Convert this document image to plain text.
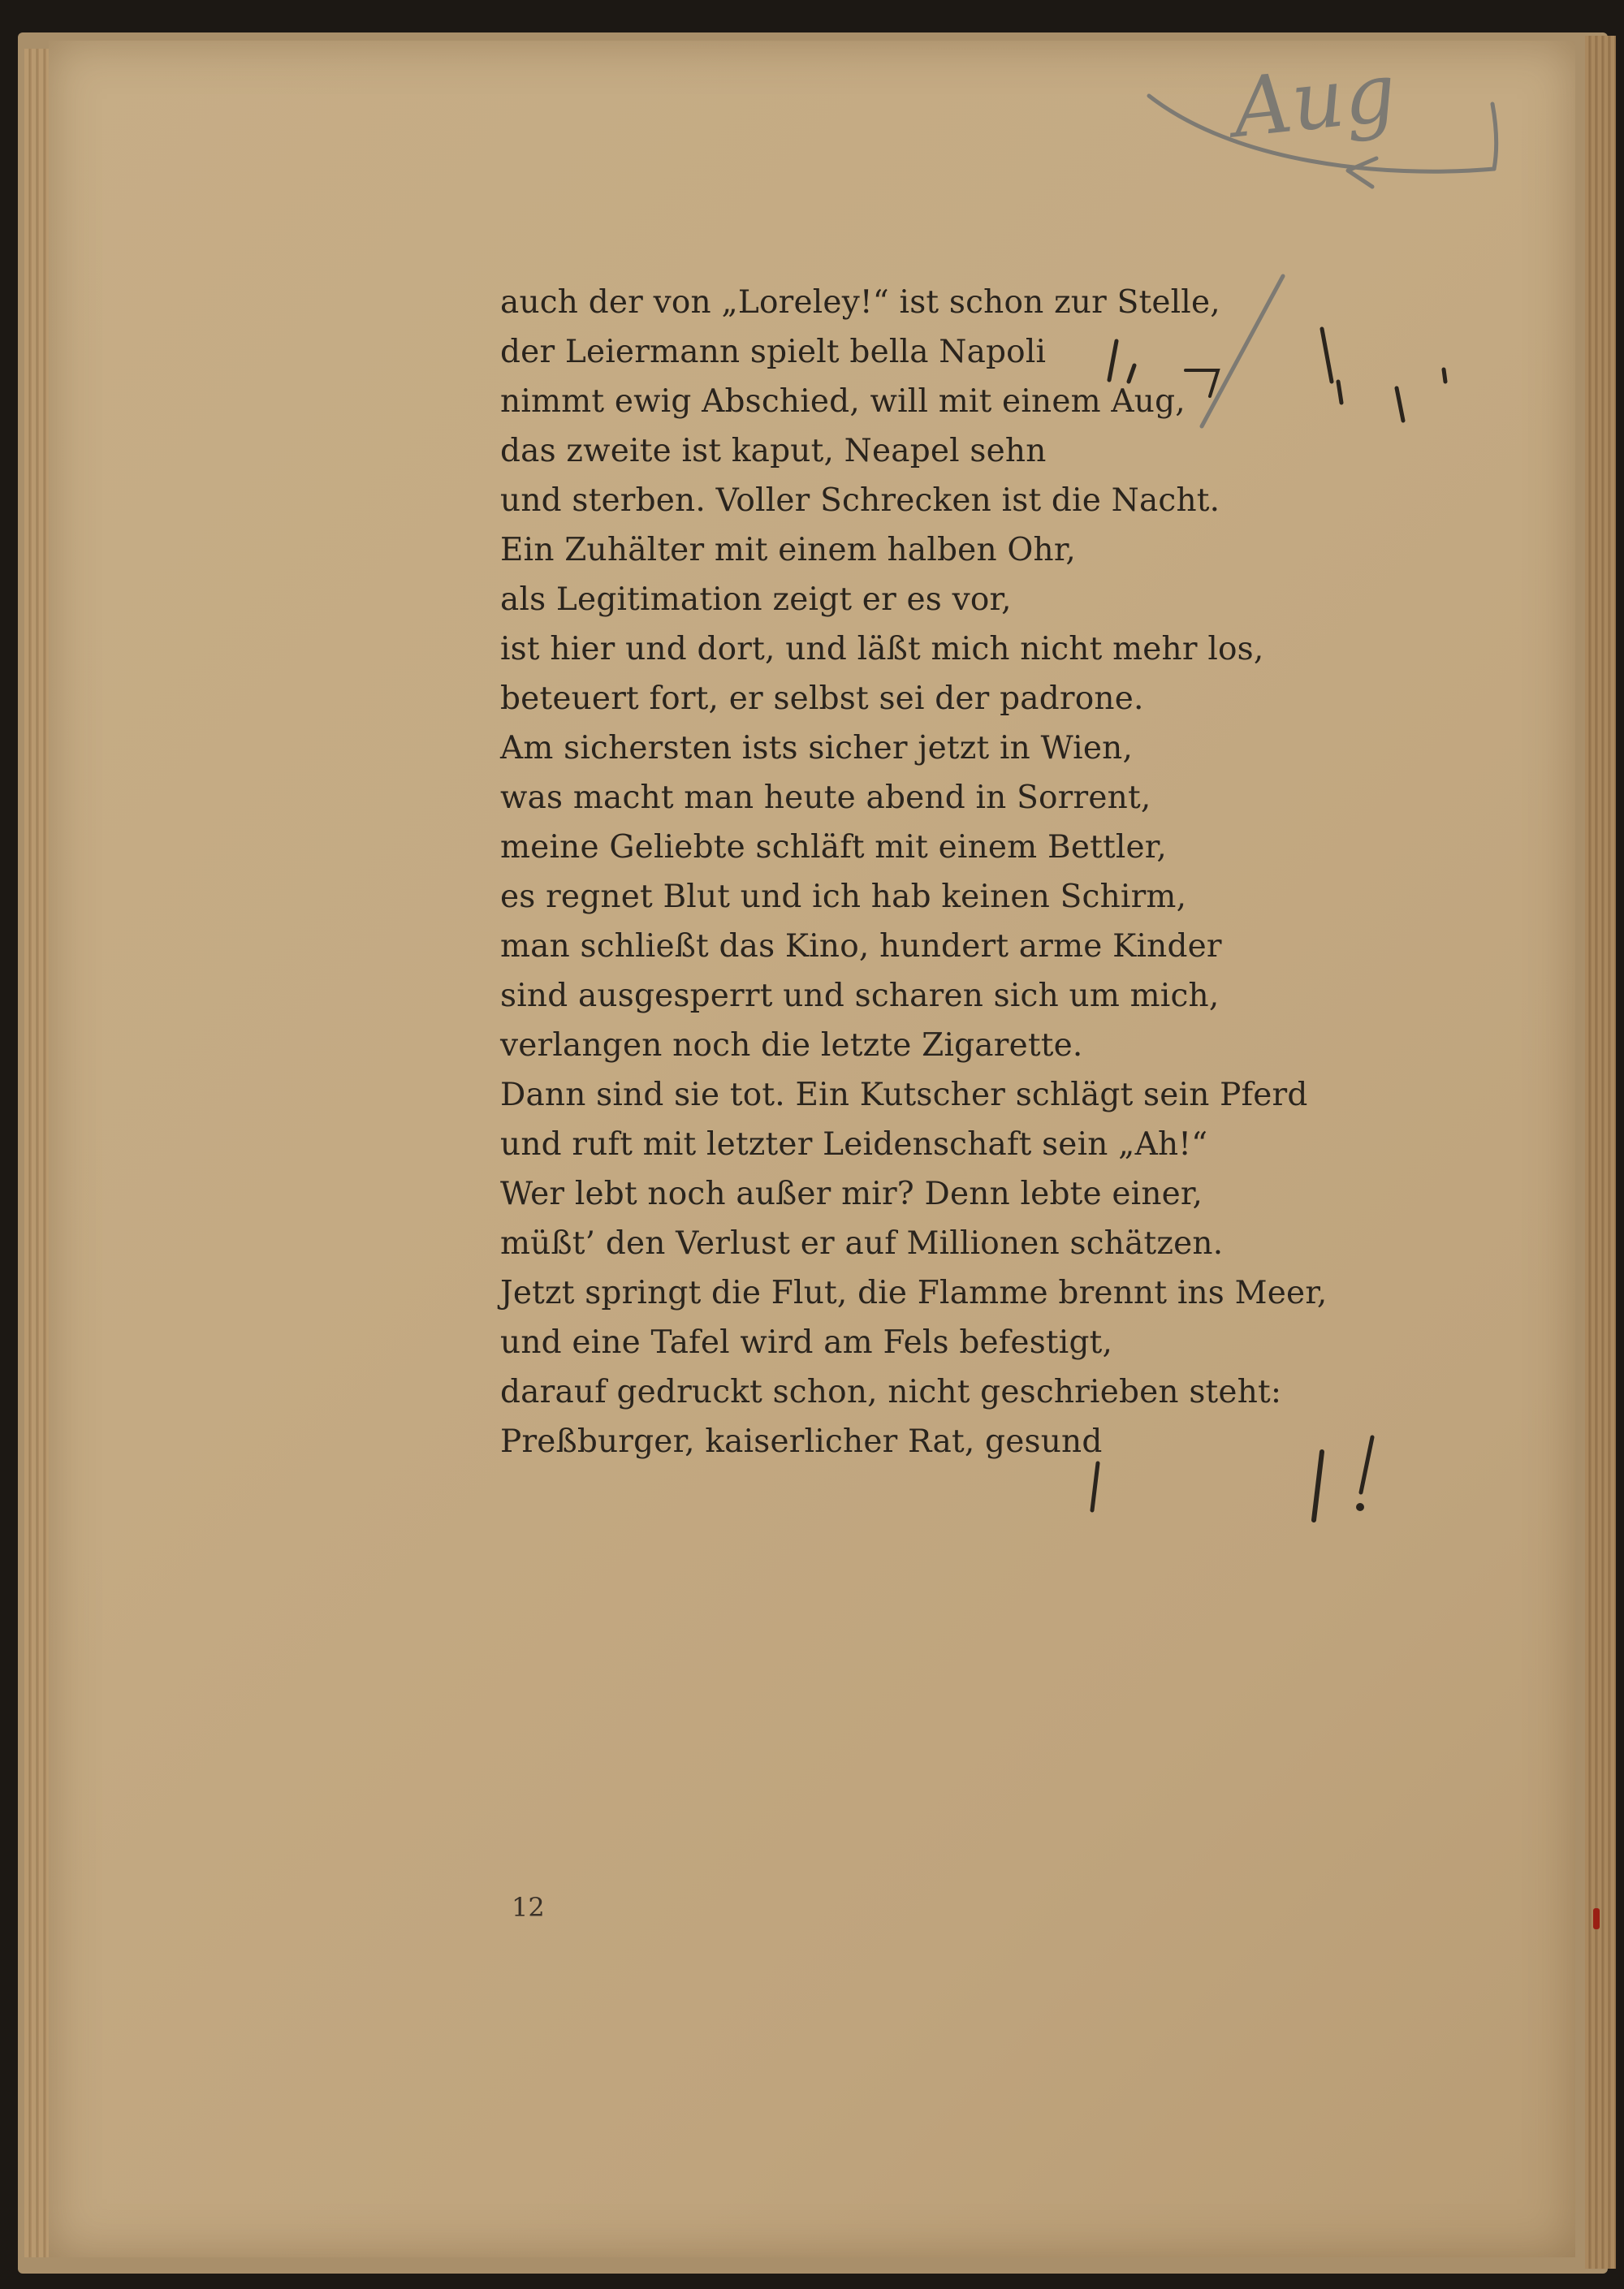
auch der von „Loreley!“ ist schon zur Stelle,
der Leiermann spielt bella Napoli
nimmt ewig Abschied, will mit einem Aug,
das zweite ist kaput, Neapel sehn
und sterben. Voller Schrecken ist die Nacht.
Ein Zuhälter mit einem halben Ohr,
als Legitimation zeigt er es vor,
ist hier und dort, und läßt mich nicht mehr los,
beteuert fort, er selbst sei der padrone.
Am sichersten ists sicher jetzt in Wien,
was macht man heute abend in Sorrent,
meine Geliebte schläft mit einem Bettler,
es regnet Blut und ich hab keinen Schirm,
man schließt das Kino, hundert arme Kinder
sind ausgesperrt und scharen sich um mich,
verlangen noch die letzte Zigarette.
Dann sind sie tot. Ein Kutscher schlägt sein Pferd
und ruft mit letzter Leidenschaft sein „Ah!“
Wer lebt noch außer mir? Denn lebte einer,
müßt’ den Verlust er auf Millionen schätzen.
Jetzt springt die Flut, die Flamme brennt ins Meer,
und eine Tafel wird am Fels befestigt,
darauf gedruckt schon, nicht geschrieben steht:
Preßburger, kaiserlicher Rat, gesund
12
Aug
